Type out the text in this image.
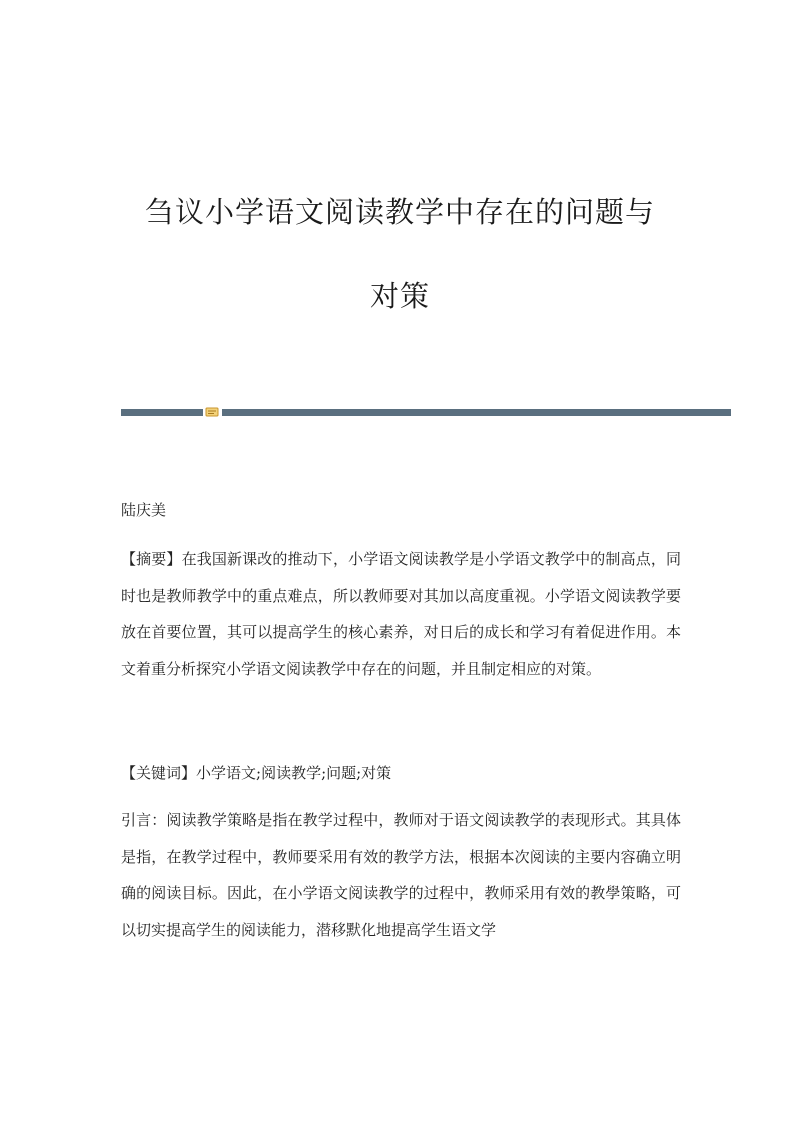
刍议小学语文阅读教学中存在的问题与
对策

陆庆美

【摘要】在我国新课改的推动下，小学语文阅读教学是小学语文教学中的制高点，同时也是教师教学中的重点难点，所以教师要对其加以高度重视。小学语文阅读教学要放在首要位置，其可以提高学生的核心素养，对日后的成长和学习有着促进作用。本文着重分析探究小学语文阅读教学中存在的问题，并且制定相应的对策。

【关键词】小学语文;阅读教学;问题;对策

引言：阅读教学策略是指在教学过程中，教师对于语文阅读教学的表现形式。其具体是指，在教学过程中，教师要采用有效的教学方法，根据本次阅读的主要内容确立明确的阅读目标。因此，在小学语文阅读教学的过程中，教师采用有效的教學策略，可以切实提高学生的阅读能力，潜移默化地提高学生语文学
